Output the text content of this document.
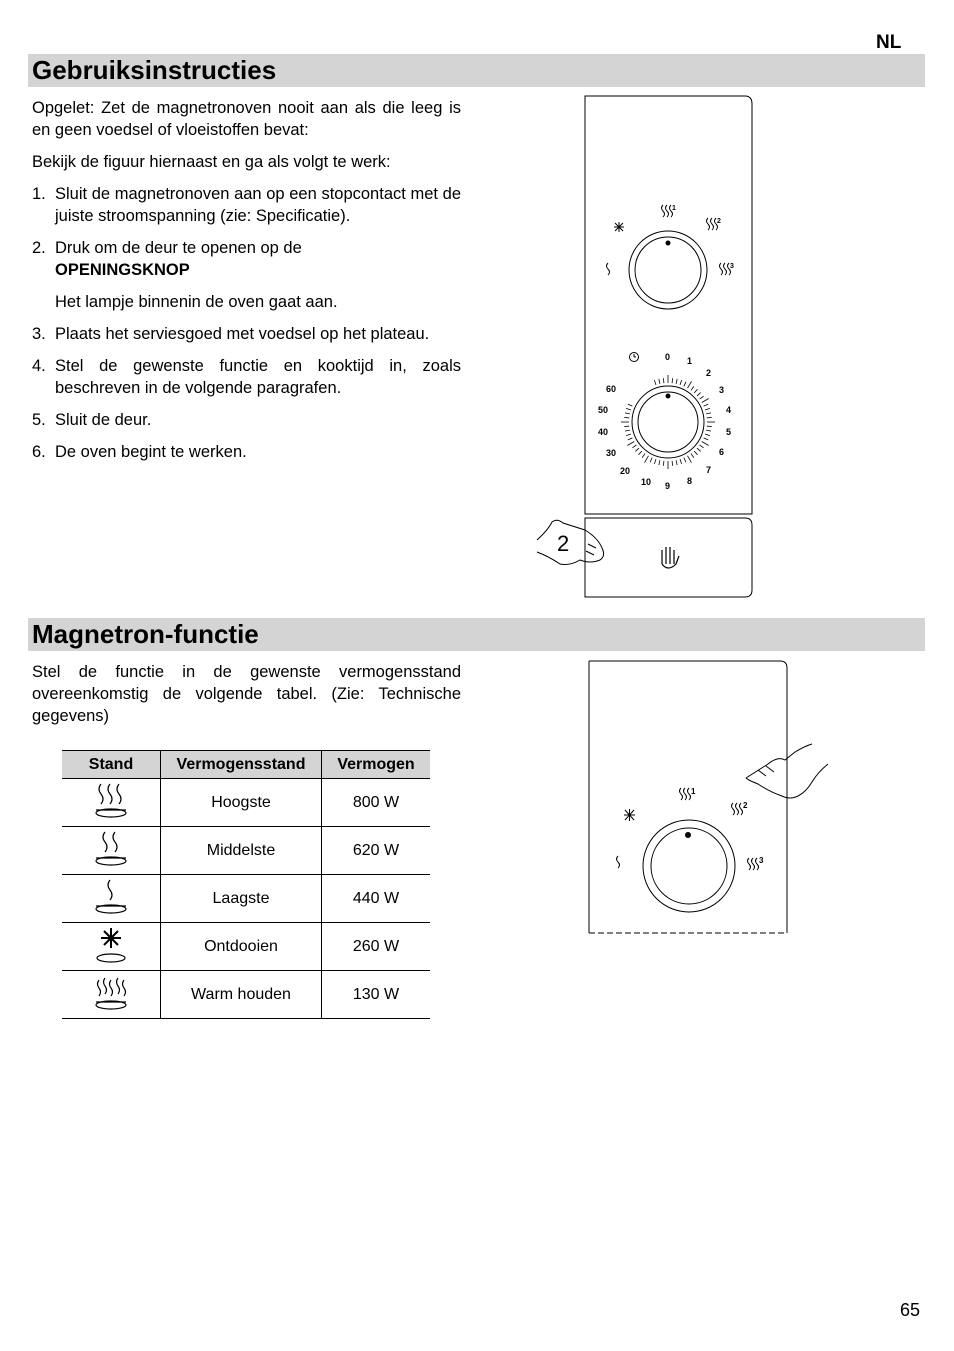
NL
Gebruiksinstructies

Opgelet: Zet de magnetronoven nooit aan als die leeg is en geen voedsel of vloeistoffen bevat:

Bekijk de figuur hiernaast en ga als volgt te werk:

1. Sluit de magnetronoven aan op een stopcontact met de juiste stroomspanning (zie: Specificatie).
2. Druk om de deur te openen op de
OPENINGSKNOP
Het lampje binnenin de oven gaat aan.
3. Plaats het serviesgoed met voedsel op het plateau.
4. Stel de gewenste functie en kooktijd in, zoals beschreven in de volgende paragrafen.
5. Sluit de deur.
6. De oven begint te werken.
1
2
3
0 1
2
3
4
5
6
7
8
9
10
20
30
40
50
60
2
Magnetron-functie

Stel de functie in de gewenste vermogensstand overeenkomstig de volgende tabel. (Zie: Technische gegevens)

Stand	Vermogensstand	Vermogen
	Hoogste	800 W
	Middelste	620 W
	Laagste	440 W
	Ontdooien	260 W
	Warm houden	130 W
1
2
3
65
